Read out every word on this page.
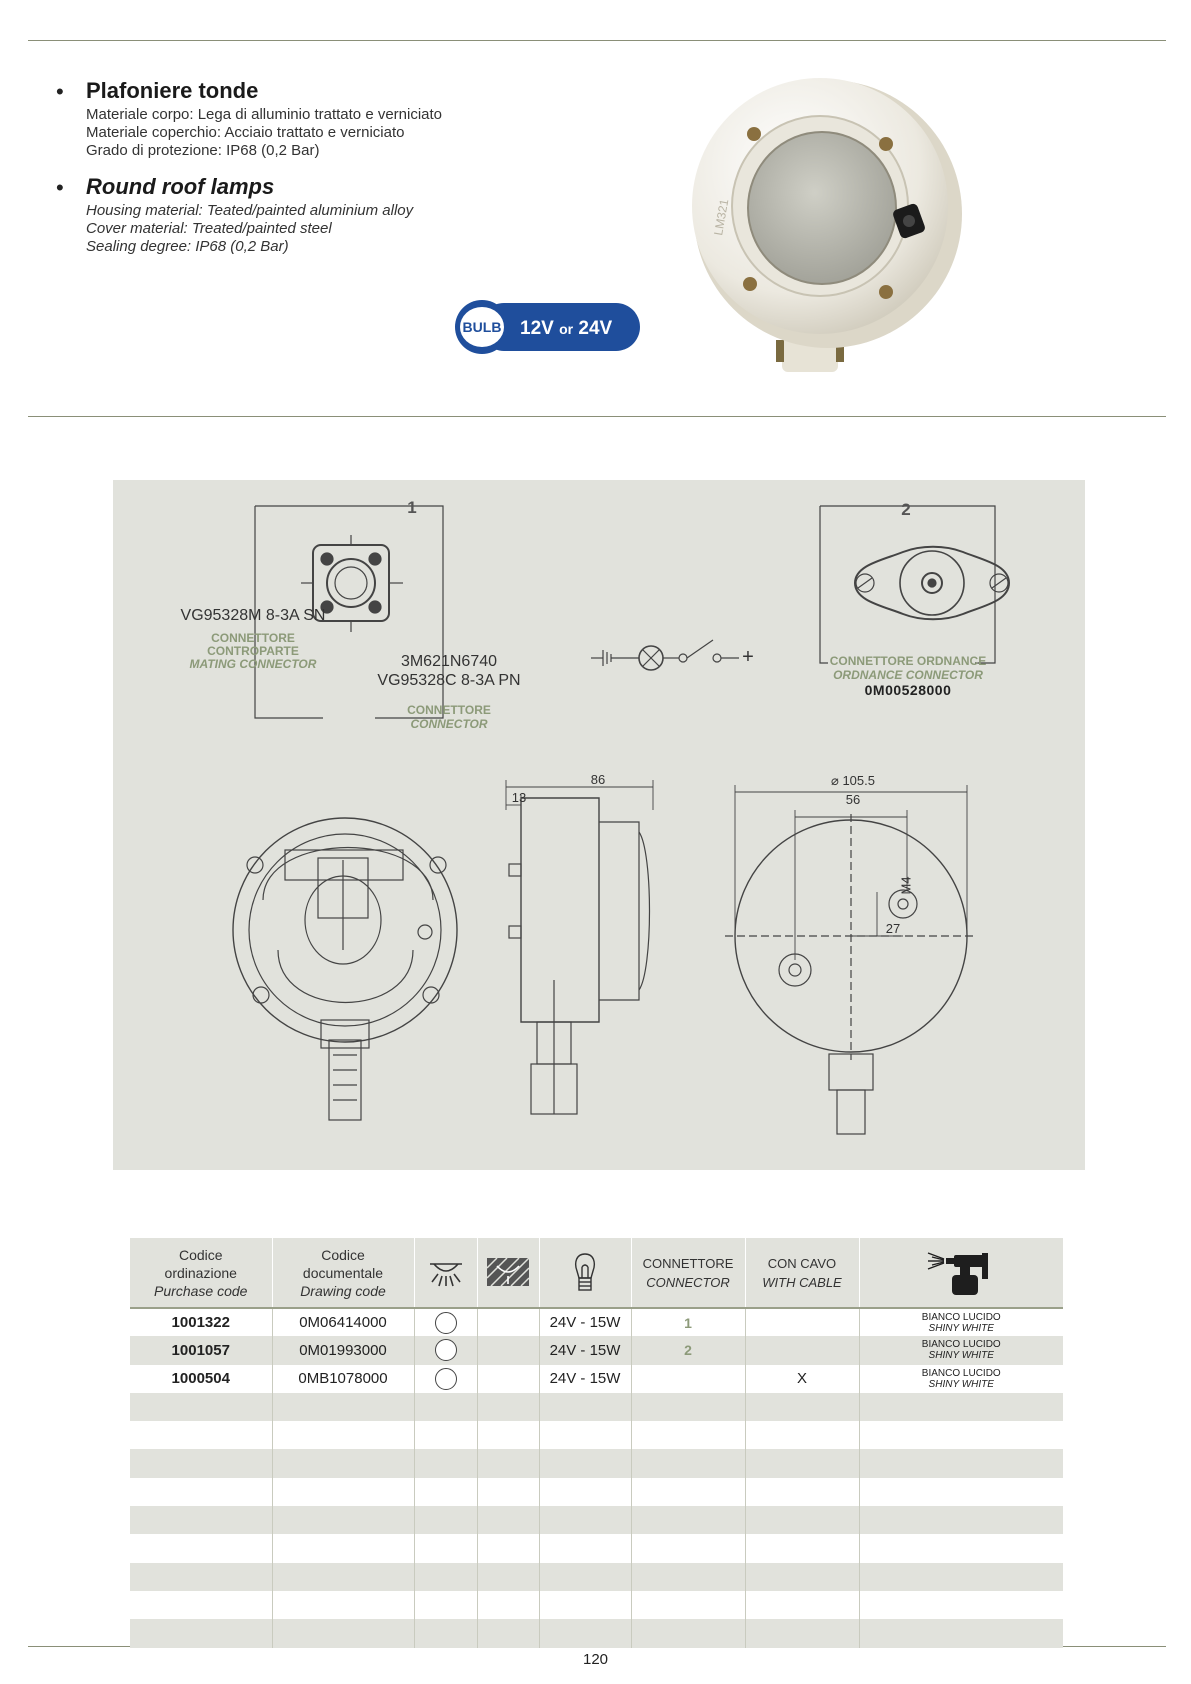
• Plafoniere tonde

Materiale corpo: Lega di alluminio trattato e verniciato

Materiale coperchio: Acciaio trattato e verniciato

Grado di protezione: IP68 (0,2 Bar)

• Round roof lamps

Housing material: Teated/painted aluminium alloy

Cover material: Treated/painted steel

Sealing degree: IP68 (0,2 Bar)

BULB 12V or 24V
LM321
1	2
VG95328M 8-3A SN
CONNETTORE
CONTROPARTE
MATING CONNECTOR	3M621N6740
VG95328C 8-3A PN
CONNETTORE
CONNECTOR
+	CONNETTORE ORDNANCE
ORDNANCE CONNECTOR
0M00528000
86
13
⌀ 105.5
56
M4
27
Codice
ordinazione
Purchase code	Codice
documentale
Drawing code				CONNETTORE
CONNECTOR	CON CAVO
WITH CABLE	

1001322	0M06414000			24V - 15W	1		BIANCO LUCIDO
SHINY WHITE

1001057	0M01993000			24V - 15W	2		BIANCO LUCIDO
SHINY WHITE

1000504	0MB1078000			24V - 15W		X	BIANCO LUCIDO
SHINY WHITE

120
